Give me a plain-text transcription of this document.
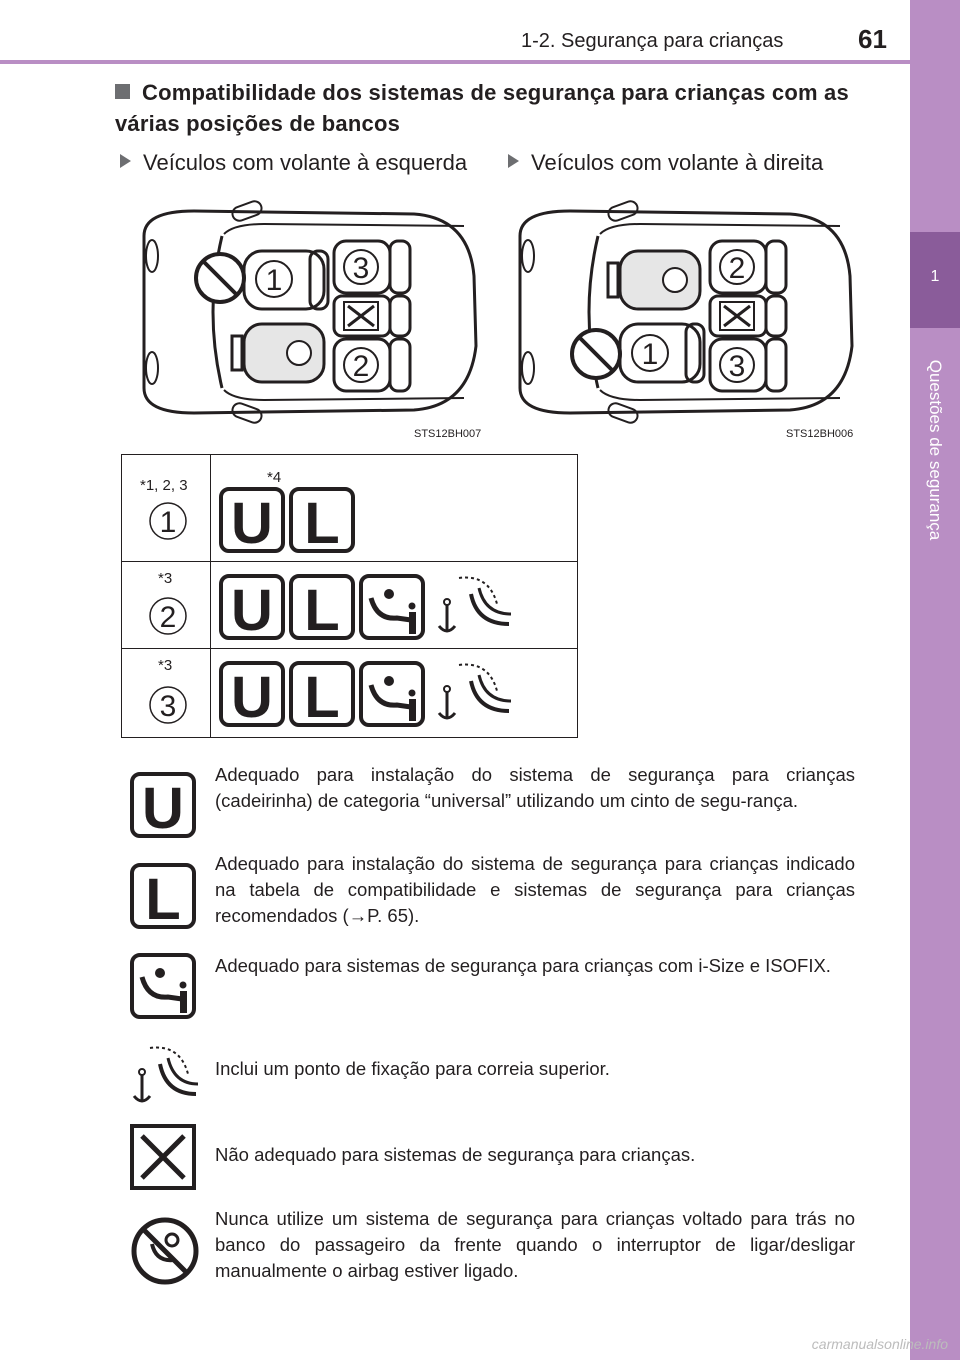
1-2. Segurança para crianças	61
1
Questões de segurança
Compatibilidade dos sistemas de segurança para crianças com as várias posições de bancos
Veículos com volante à esquerda	Veículos com volante à direita
1 3
2
STS12BH007
1
2
3
STS12BH006
*1, 2, 3
1	*4
U L

*3
2	U L

*3
3	U L
U
Adequado para instalação do sistema de segurança para crianças (cadeirinha) de categoria “universal” utilizando um cinto de segu-rança.
L
Adequado para instalação do sistema de segurança para crianças indicado na tabela de compatibilidade e sistemas de segurança para crianças recomendados (→P. 65).
Adequado para sistemas de segurança para crianças com i-Size e ISOFIX.
Inclui um ponto de fixação para correia superior.
Não adequado para sistemas de segurança para crianças.
Nunca utilize um sistema de segurança para crianças voltado para trás no banco do passageiro da frente quando o interruptor de ligar/desligar manualmente o airbag estiver ligado.
carmanualsonline.info
